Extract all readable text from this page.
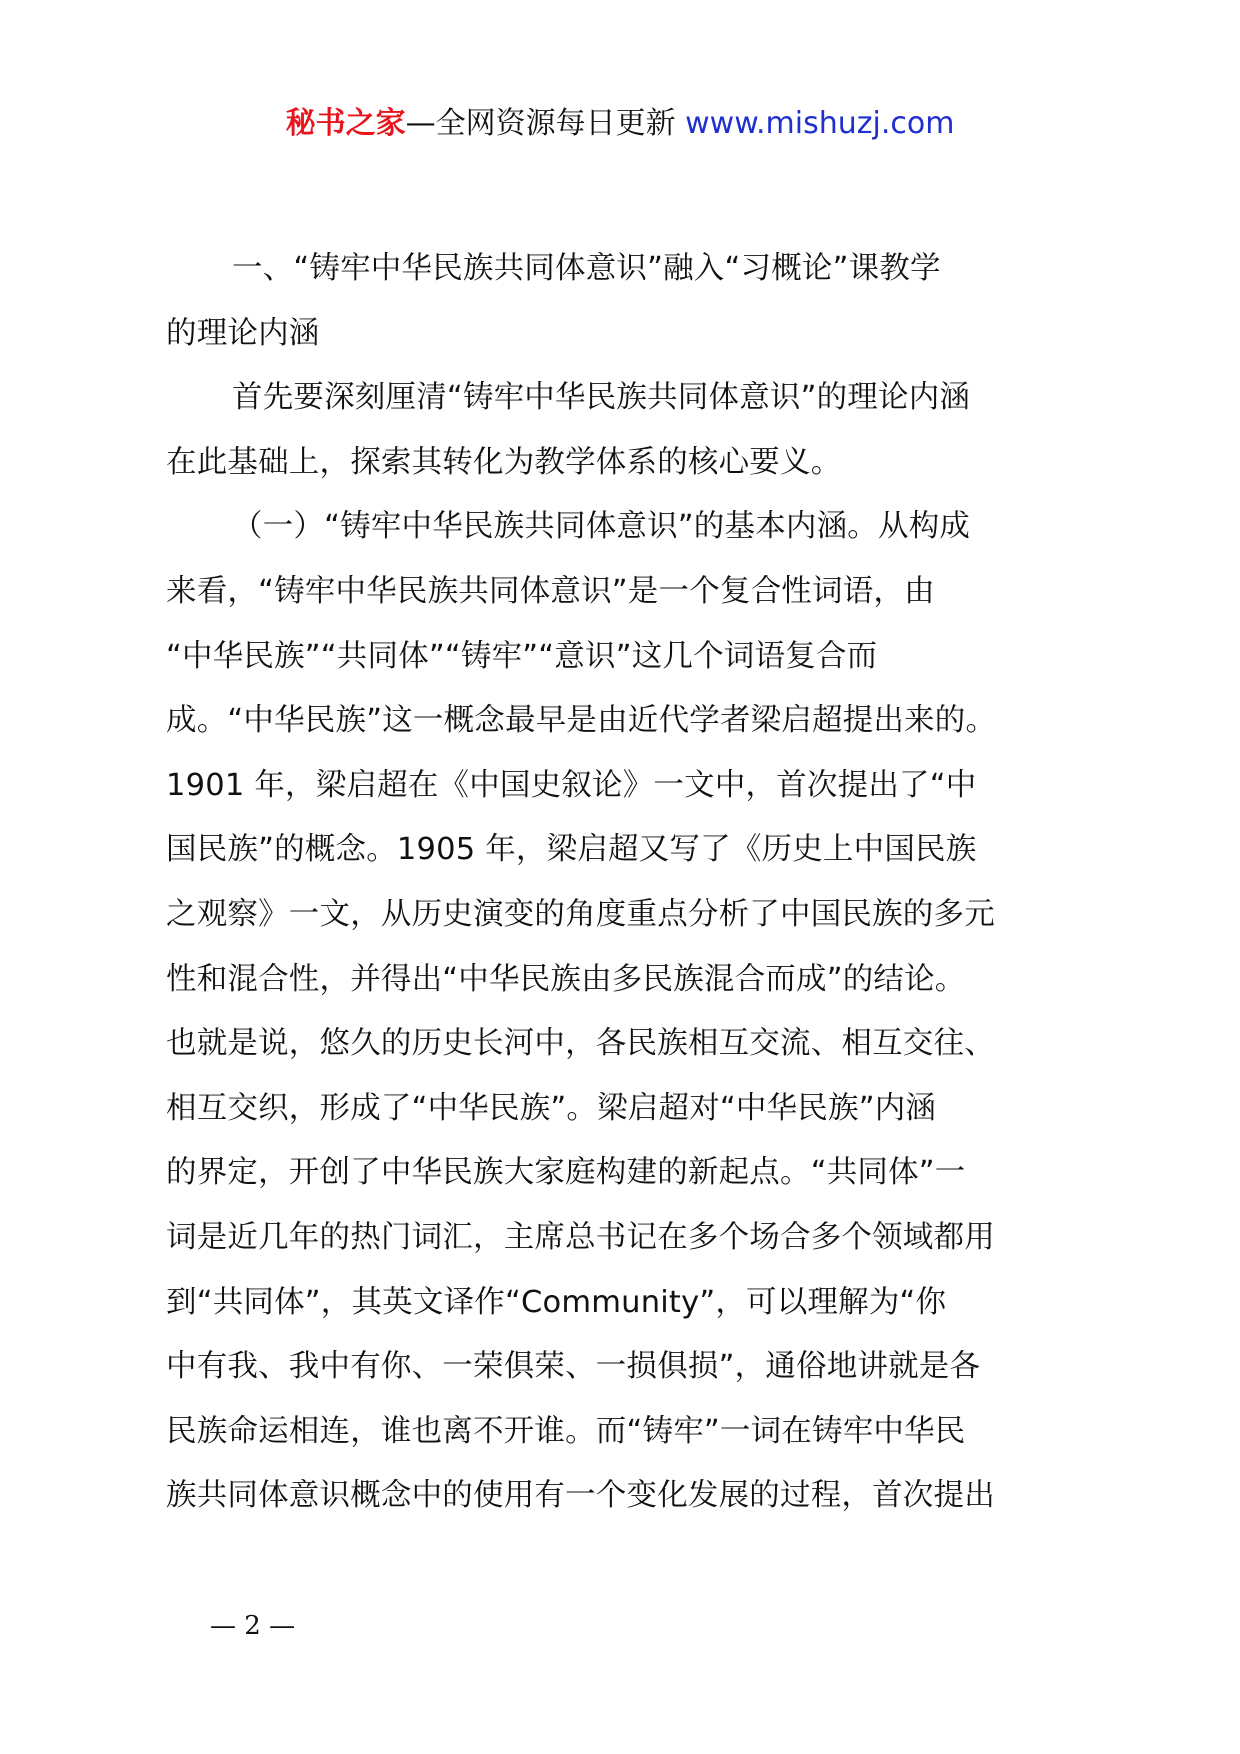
秘书之家—全网资源每日更新 www.mishuzj.com
一、“铸牢中华民族共同体意识”融入“习概论”课教学
的理论内涵
首先要深刻厘清“铸牢中华民族共同体意识”的理论内涵
在此基础上，探索其转化为教学体系的核心要义。
（一）“铸牢中华民族共同体意识”的基本内涵。从构成
来看，“铸牢中华民族共同体意识”是一个复合性词语，由
“中华民族”“共同体”“铸牢”“意识”这几个词语复合而
成。“中华民族”这一概念最早是由近代学者梁启超提出来的。
1901 年，梁启超在《中国史叙论》一文中，首次提出了“中
国民族”的概念。1905 年，梁启超又写了《历史上中国民族
之观察》一文，从历史演变的角度重点分析了中国民族的多元
性和混合性，并得出“中华民族由多民族混合而成”的结论。
也就是说，悠久的历史长河中，各民族相互交流、相互交往、
相互交织，形成了“中华民族”。梁启超对“中华民族”内涵
的界定，开创了中华民族大家庭构建的新起点。“共同体”一
词是近几年的热门词汇，主席总书记在多个场合多个领域都用
到“共同体”，其英文译作“Community”，可以理解为“你
中有我、我中有你、一荣俱荣、一损俱损”，通俗地讲就是各
民族命运相连，谁也离不开谁。而“铸牢”一词在铸牢中华民
族共同体意识概念中的使用有一个变化发展的过程，首次提出
— 2 —
